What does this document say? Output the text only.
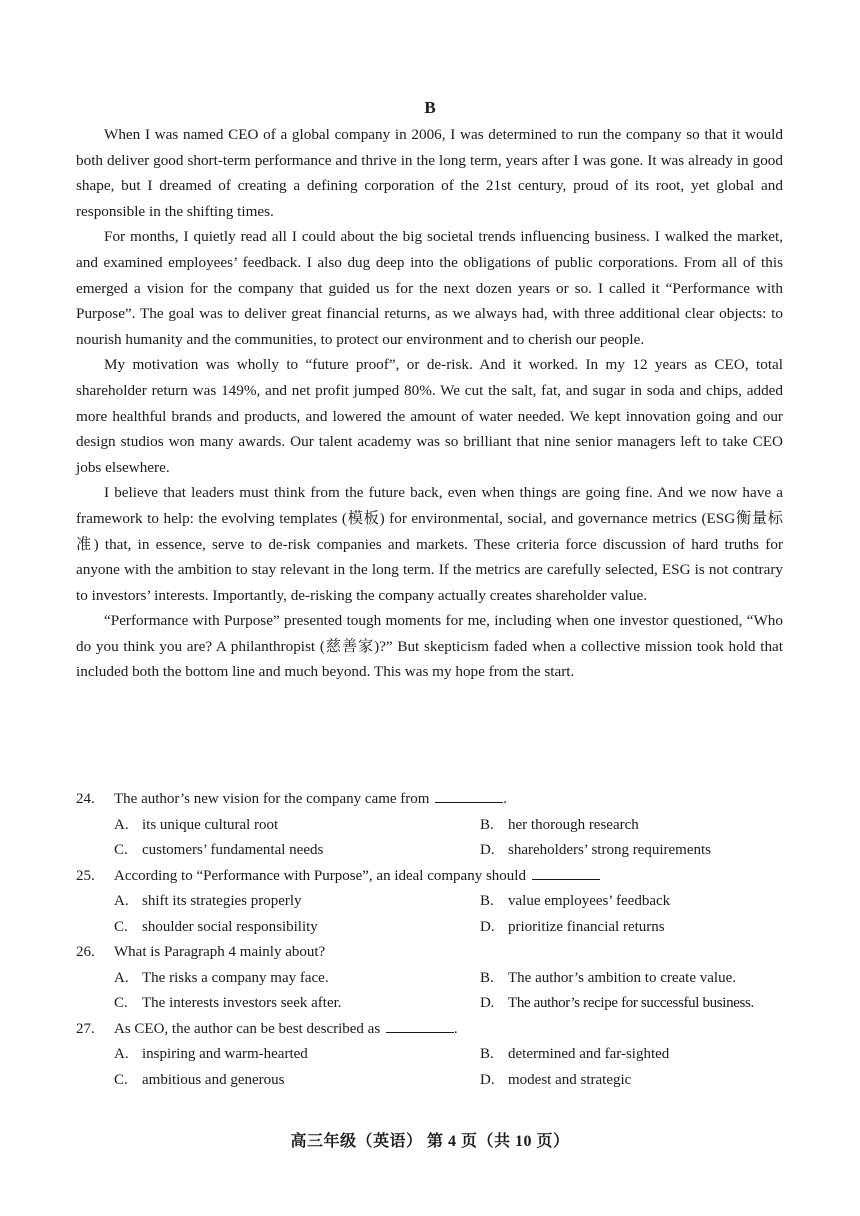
B

When I was named CEO of a global company in 2006, I was determined to run the company so that it would both deliver good short-term performance and thrive in the long term, years after I was gone. It was already in good shape, but I dreamed of creating a defining corporation of the 21st century, proud of its root, yet global and responsible in the shifting times.

For months, I quietly read all I could about the big societal trends influencing business. I walked the market, and examined employees’ feedback. I also dug deep into the obligations of public corporations. From all of this emerged a vision for the company that guided us for the next dozen years or so. I called it “Performance with Purpose”. The goal was to deliver great financial returns, as we always had, with three additional clear objects: to nourish humanity and the communities, to protect our environment and to cherish our people.

My motivation was wholly to “future proof”, or de-risk. And it worked. In my 12 years as CEO, total shareholder return was 149%, and net profit jumped 80%. We cut the salt, fat, and sugar in soda and chips, added more healthful brands and products, and lowered the amount of water needed. We kept innovation going and our design studios won many awards. Our talent academy was so brilliant that nine senior managers left to take CEO jobs elsewhere.

I believe that leaders must think from the future back, even when things are going fine. And we now have a framework to help: the evolving templates (模板) for environmental, social, and governance metrics (ESG衡量标准) that, in essence, serve to de-risk companies and markets. These criteria force discussion of hard truths for anyone with the ambition to stay relevant in the long term. If the metrics are carefully selected, ESG is not contrary to investors’ interests. Importantly, de-risking the company actually creates shareholder value.

“Performance with Purpose” presented tough moments for me, including when one investor questioned, “Who do you think you are? A philanthropist (慈善家)?” But skepticism faded when a collective mission took hold that included both the bottom line and much beyond. This was my hope from the start.

24.	The author’s new vision for the company came from	.
A. its unique cultural root	B. her thorough research
C. customers’ fundamental needs	D. shareholders’ strong requirements
25.	According to “Performance with Purpose”, an ideal company should
A. shift its strategies properly	B. value employees’ feedback
C. shoulder social responsibility	D. prioritize financial returns
26.	What is Paragraph 4 mainly about?
A. The risks a company may face.	B. The author’s ambition to create value.
C. The interests investors seek after.	D. The author’s recipe for successful business.
27.	As CEO, the author can be best described as	.
A. inspiring and warm-hearted	B. determined and far-sighted
C. ambitious and generous	D. modest and strategic
高三年级（英语） 第 4 页（共 10 页）
